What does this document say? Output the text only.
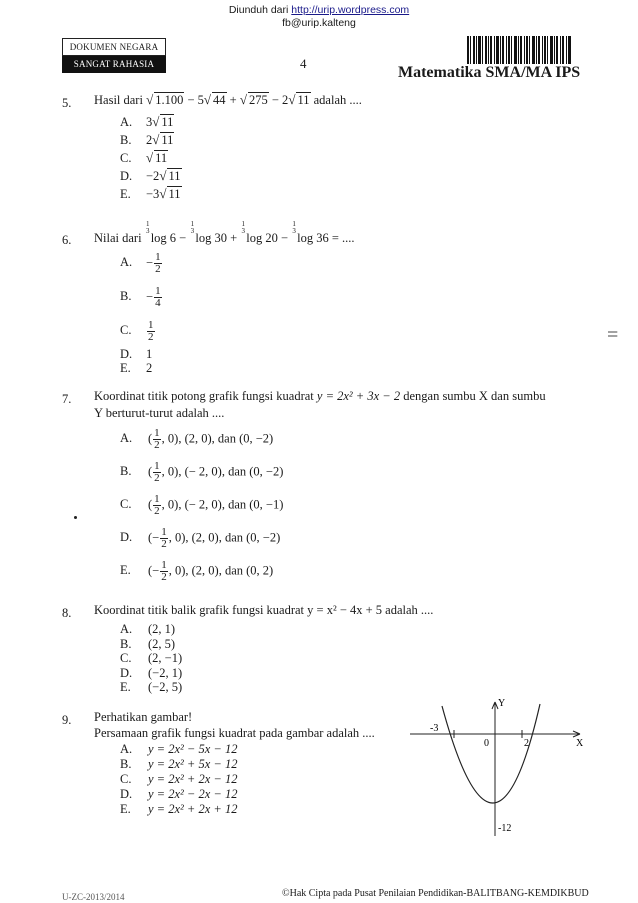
Diunduh dari http://urip.wordpress.com
fb@urip.kalteng
DOKUMEN NEGARA
SANGAT RAHASIA	4
Matematika SMA/MA IPS
5. Hasil dari √ 1.100 − 5√ 44 + √ 275 − 2√ 11 adalah ....
A. 3√ 11
B. 2√ 11
C. √ 11
D. −2√ 11
E. −3√ 11
6. Nilai dari 1
3log 6 − 1
3log 30 + 1
3log 20 − 1
3log 36 = ....
A. − $\frac{1}{2}$
B. − $\frac{1}{4}$
C. $\frac{1}{2}$
D. 1
E. 2
=
7. Koordinat titik potong grafik fungsi kuadrat y = 2x² + 3x − 2 dengan sumbu X dan sumbu
Y berturut-turut adalah ....
A. ( $\frac{1}{2}$ , 0), (2, 0), dan (0, −2)
B. ( $\frac{1}{2}$ , 0), (− 2, 0), dan (0, −2)
C. ( $\frac{1}{2}$ , 0), (− 2, 0), dan (0, −1)
D. (− $\frac{1}{2}$ , 0), (2, 0), dan (0, −2)
E. (− $\frac{1}{2}$ , 0), (2, 0), dan (0, 2)
8. Koordinat titik balik grafik fungsi kuadrat y = x² − 4x + 5 adalah ....
A. (2, 1)
B. (2, 5)
C. (2, −1)
D. (−2, 1)
E. (−2, 5)
9. Perhatikan gambar!
Persamaan grafik fungsi kuadrat pada gambar adalah ....
A. y = 2x² − 5x − 12
B. y = 2x² + 5x − 12
C. y = 2x² + 2x − 12
D. y = 2x² − 2x − 12
E. y = 2x² + 2x + 12
Y
X
-3
0	2
-12
U-ZC-2013/2014	©Hak Cipta pada Pusat Penilaian Pendidikan-BALITBANG-KEMDIKBUD
